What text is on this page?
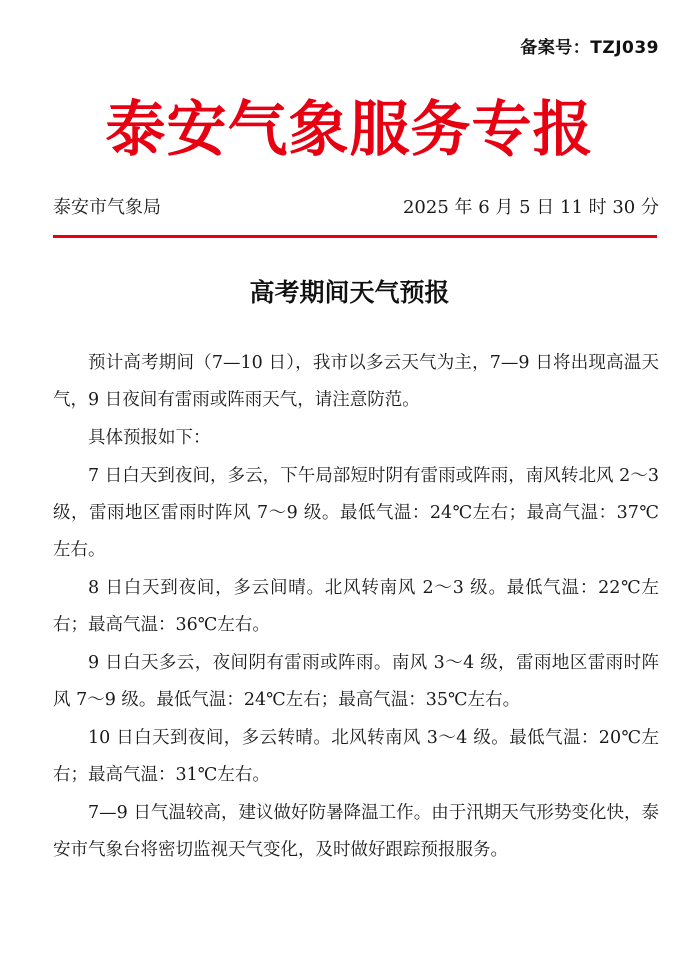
备案号：TZJ039
泰安气象服务专报
泰安市气象局	2025 年 6 月 5 日 11 时 30 分
高考期间天气预报

预计高考期间（7—10 日），我市以多云天气为主，7—9 日将出现高温天气，9 日夜间有雷雨或阵雨天气，请注意防范。

具体预报如下：

7 日白天到夜间，多云，下午局部短时阴有雷雨或阵雨，南风转北风 2～3 级，雷雨地区雷雨时阵风 7～9 级。最低气温：24℃左右；最高气温：37℃左右。

8 日白天到夜间，多云间晴。北风转南风 2～3 级。最低气温：22℃左右；最高气温：36℃左右。

9 日白天多云，夜间阴有雷雨或阵雨。南风 3～4 级，雷雨地区雷雨时阵风 7～9 级。最低气温：24℃左右；最高气温：35℃左右。

10 日白天到夜间，多云转晴。北风转南风 3～4 级。最低气温：20℃左右；最高气温：31℃左右。

7—9 日气温较高，建议做好防暑降温工作。由于汛期天气形势变化快，泰安市气象台将密切监视天气变化，及时做好跟踪预报服务。
